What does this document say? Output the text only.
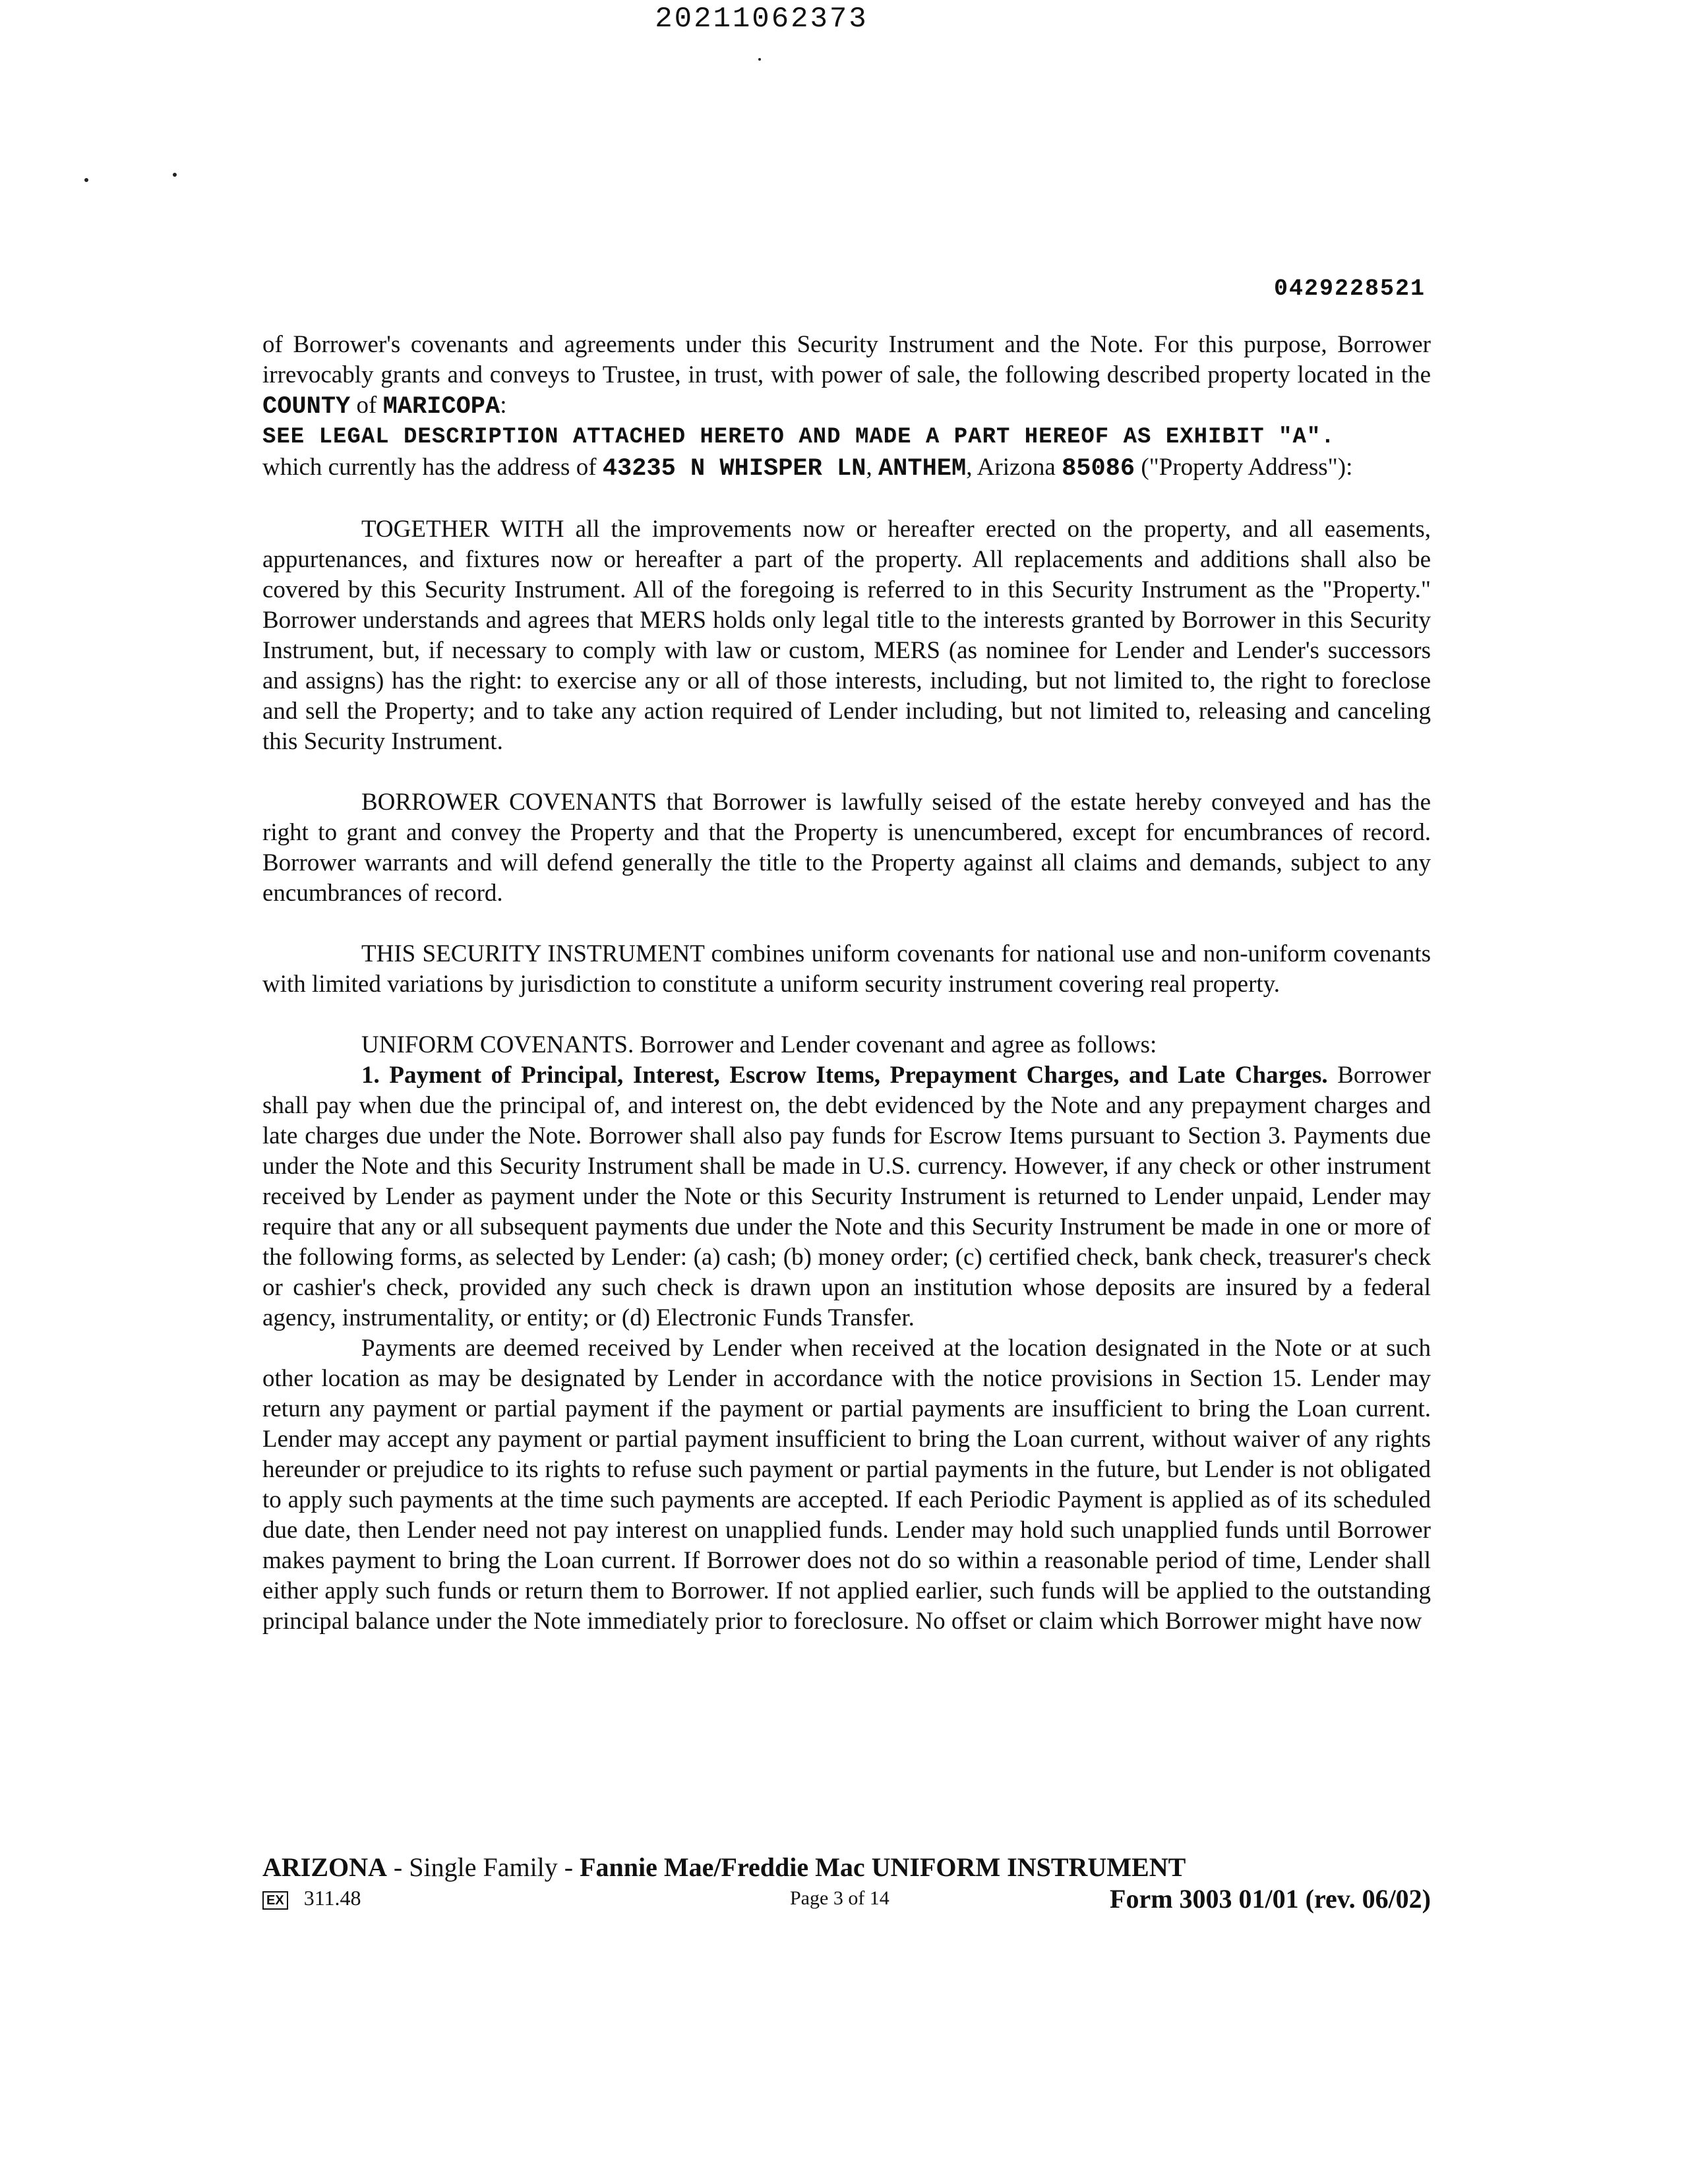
20211062373
0429228521

of Borrower's covenants and agreements under this Security Instrument and the Note. For this purpose, Borrower irrevocably grants and conveys to Trustee, in trust, with power of sale, the following described property located in the COUNTY of MARICOPA:

SEE LEGAL DESCRIPTION ATTACHED HERETO AND MADE A PART HEREOF AS EXHIBIT "A".

which currently has the address of 43235 N WHISPER LN, ANTHEM, Arizona 85086 ("Property Address"):

TOGETHER WITH all the improvements now or hereafter erected on the property, and all easements, appurtenances, and fixtures now or hereafter a part of the property. All replacements and additions shall also be covered by this Security Instrument. All of the foregoing is referred to in this Security Instrument as the "Property." Borrower understands and agrees that MERS holds only legal title to the interests granted by Borrower in this Security Instrument, but, if necessary to comply with law or custom, MERS (as nominee for Lender and Lender's successors and assigns) has the right: to exercise any or all of those interests, including, but not limited to, the right to foreclose and sell the Property; and to take any action required of Lender including, but not limited to, releasing and canceling this Security Instrument.

BORROWER COVENANTS that Borrower is lawfully seised of the estate hereby conveyed and has the right to grant and convey the Property and that the Property is unencumbered, except for encumbrances of record. Borrower warrants and will defend generally the title to the Property against all claims and demands, subject to any encumbrances of record.

THIS SECURITY INSTRUMENT combines uniform covenants for national use and non-uniform covenants with limited variations by jurisdiction to constitute a uniform security instrument covering real property.

UNIFORM COVENANTS. Borrower and Lender covenant and agree as follows:

1. Payment of Principal, Interest, Escrow Items, Prepayment Charges, and Late Charges. Borrower shall pay when due the principal of, and interest on, the debt evidenced by the Note and any prepayment charges and late charges due under the Note. Borrower shall also pay funds for Escrow Items pursuant to Section 3. Payments due under the Note and this Security Instrument shall be made in U.S. currency. However, if any check or other instrument received by Lender as payment under the Note or this Security Instrument is returned to Lender unpaid, Lender may require that any or all subsequent payments due under the Note and this Security Instrument be made in one or more of the following forms, as selected by Lender: (a) cash; (b) money order; (c) certified check, bank check, treasurer's check or cashier's check, provided any such check is drawn upon an institution whose deposits are insured by a federal agency, instrumentality, or entity; or (d) Electronic Funds Transfer.

Payments are deemed received by Lender when received at the location designated in the Note or at such other location as may be designated by Lender in accordance with the notice provisions in Section 15. Lender may return any payment or partial payment if the payment or partial payments are insufficient to bring the Loan current. Lender may accept any payment or partial payment insufficient to bring the Loan current, without waiver of any rights hereunder or prejudice to its rights to refuse such payment or partial payments in the future, but Lender is not obligated to apply such payments at the time such payments are accepted. If each Periodic Payment is applied as of its scheduled due date, then Lender need not pay interest on unapplied funds. Lender may hold such unapplied funds until Borrower makes payment to bring the Loan current. If Borrower does not do so within a reasonable period of time, Lender shall either apply such funds or return them to Borrower. If not applied earlier, such funds will be applied to the outstanding principal balance under the Note immediately prior to foreclosure. No offset or claim which Borrower might have now

ARIZONA - Single Family - Fannie Mae/Freddie Mac UNIFORM INSTRUMENT
EX 311.48	Page 3 of 14	Form 3003 01/01 (rev. 06/02)
